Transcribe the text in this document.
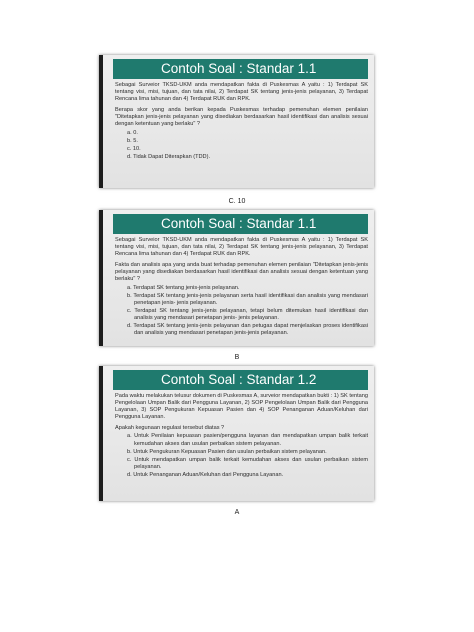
Contoh Soal : Standar 1.1

Sebagai Surveior TKSD-UKM anda mendapatkan fakta di Puskesmas A yaitu : 1) Terdapat SK tentang visi, misi, tujuan, dan tata nilai, 2) Terdapat SK tentang jenis-jenis pelayanan, 3) Terdapat Rencana lima tahunan dan 4) Terdapat RUK dan RPK.

Berapa skor yang anda berikan kepada Puskesmas terhadap pemenuhan elemen penilaian "Ditetapkan jenis-jenis pelayanan yang disediakan berdasarkan hasil identifikasi dan analisis sesuai dengan ketentuan yang berlaku" ?

a. 0.
b. 5.
c. 10.
d. Tidak Dapat Diterapkan (TDD).
C. 10
Contoh Soal : Standar 1.1

Sebagai Surveior TKSD-UKM anda mendapatkan fakta di Puskesmas A yaitu : 1) Terdapat SK tentang visi, misi, tujuan, dan tata nilai, 2) Terdapat SK tentang jenis-jenis pelayanan, 3) Terdapat Rencana lima tahunan dan 4) Terdapat RUK dan RPK.

Fakta dan analisis apa yang anda buat terhadap pemenuhan elemen penilaian "Ditetapkan jenis-jenis pelayanan yang disediakan berdasarkan hasil identifikasi dan analisis sesuai dengan ketentuan yang berlaku" ?

a. Terdapat SK tentang jenis-jenis pelayanan.
b. Terdapat SK tentang jenis-jenis pelayanan serta hasil identifikasi dan analisis yang mendasari penetapan jenis- jenis pelayanan.
c. Terdapat SK tentang jenis-jenis pelayanan, tetapi belum ditemukan hasil identifikasi dan analisis yang mendasari penetapan jenis- jenis pelayanan.
d. Terdapat SK tentang jenis-jenis pelayanan dan petugas dapat menjelaskan proses identifikasi dan analisis yang mendasari penetapan jenis-jenis pelayanan.
B
Contoh Soal : Standar 1.2

Pada waktu melakukan telusur dokumen di Puskesmas A, surveior mendapatkan bukti : 1) SK tentang Pengelolaan Umpan Balik dari Pengguna Layanan, 2) SOP Pengelolaan Umpan Balik dari Pengguna Layanan, 3) SOP Pengukuran Kepuasan Pasien dan 4) SOP Penanganan Aduan/Keluhan dari Pengguna Layanan.

Apakah kegunaan regulasi tersebut diatas ?

a. Untuk Penilaian kepuasan pasien/pengguna layanan dan mendapatkan umpan balik terkait kemudahan akses dan usulan perbaikan sistem pelayanan.
b. Untuk Pengukuran Kepuasan Pasien dan usulan perbaikan sistem pelayanan.
c. Untuk mendapatkan umpan balik terkait kemudahan akses dan usulan perbaikan sistem pelayanan.
d. Untuk Penanganan Aduan/Keluhan dari Pengguna Layanan.
A
